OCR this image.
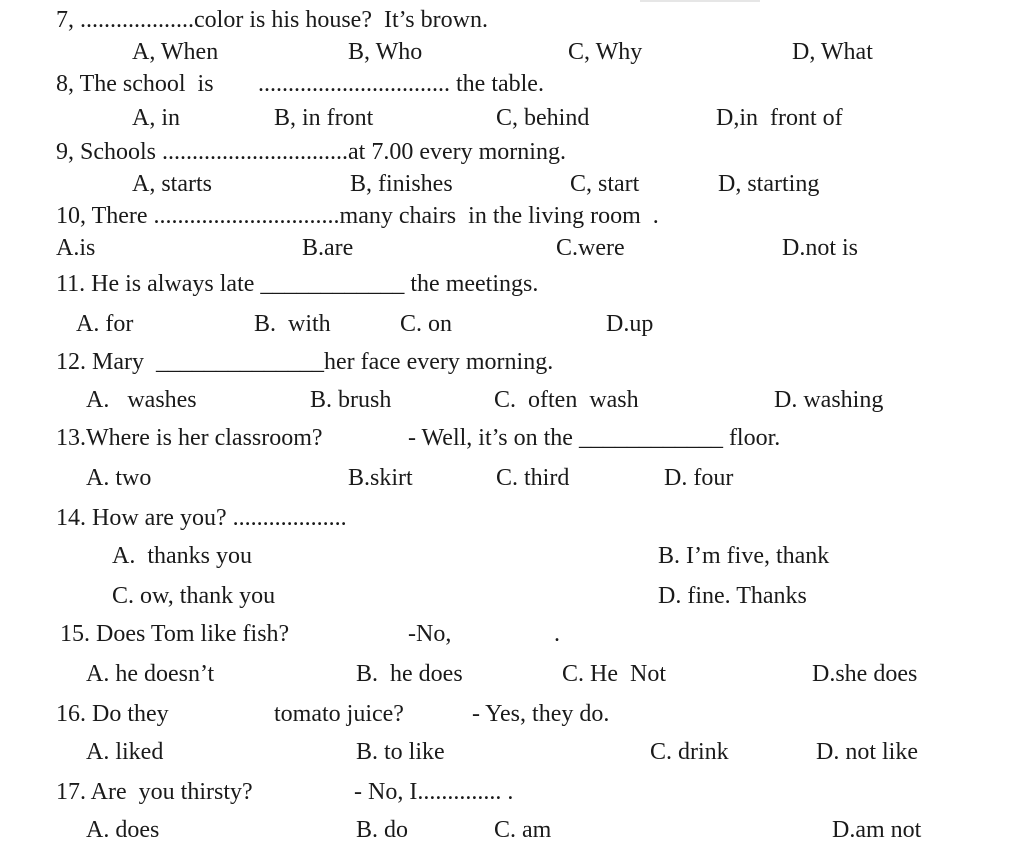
7, ...................color is his house?  It’s brown.
A, When	B, Who	C, Why	D, What
8, The school  is ................................ the table.
A, in	B, in front	C, behind	D,in  front of
9, Schools ...............................at 7.00 every morning.
A, starts	B, finishes	C, start	D, starting
10, There ...............................many chairs  in the living room  .
A.is	B.are	C.were	D.not is
11. He is always late ____________ the meetings.
A. for	B.  with	C. on	D.up
12. Mary  ______________her face every morning.
A.   washes	B. brush	C.  often  wash	D. washing
13.Where is her classroom?	- Well, it’s on the ____________ floor.
A. two	B.skirt	C. third	D. four
14. How are you? ...................
A.  thanks you	B. I’m five, thank
C. ow, thank you	D. fine. Thanks
15. Does Tom like fish?	-No,	.
A. he doesn’t	B.  he does	C. He  Not	D.she does
16. Do they	tomato juice?	- Yes, they do.
A. liked	B. to like	C. drink	D. not like
17. Are  you thirsty?	- No, I.............. .
A. does	B. do	C. am	D.am not
